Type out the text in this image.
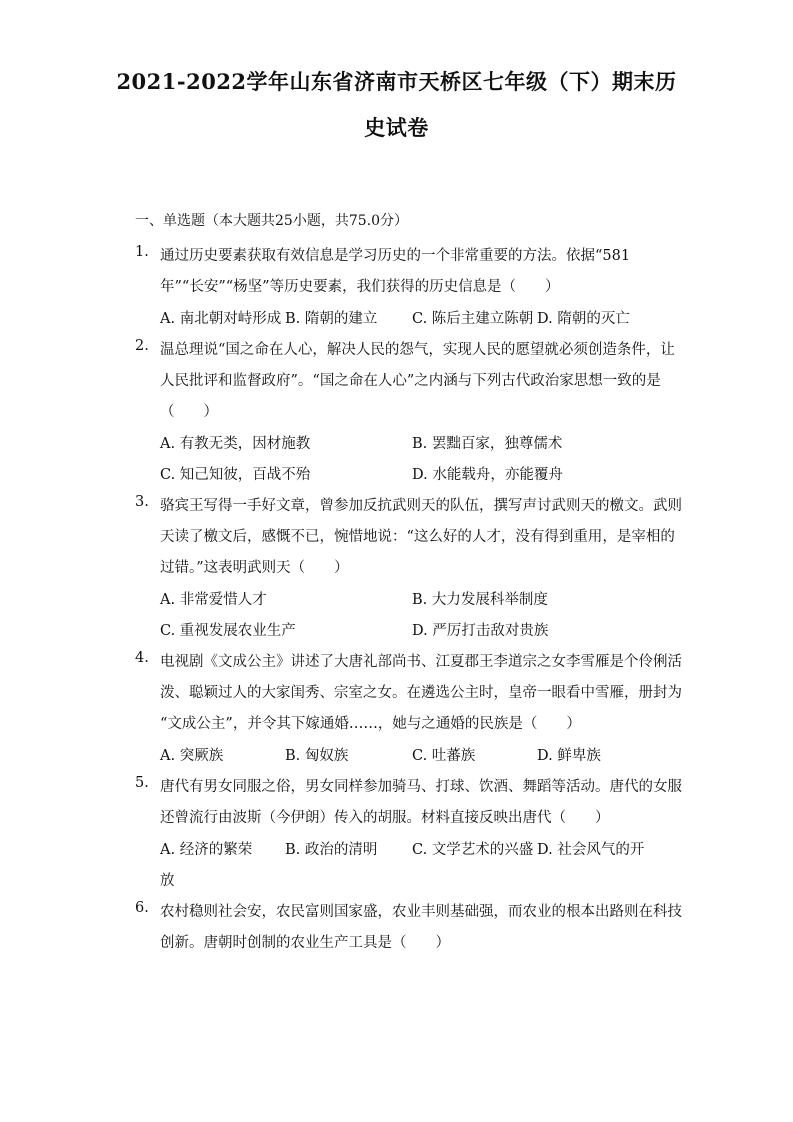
2021-2022学年山东省济南市天桥区七年级（下）期末历
史试卷
一、单选题（本大题共25小题，共75.0分）
1. 通过历史要素获取有效信息是学习历史的一个非常重要的方法。依据“581
年”“长安”“杨坚”等历史要素，我们获得的历史信息是（　　）
A. 南北朝对峙形成 B. 隋朝的建立 C. 陈后主建立陈朝 D. 隋朝的灭亡
2. 温总理说“国之命在人心，解决人民的怨气，实现人民的愿望就必须创造条件，让
人民批评和监督政府”。“国之命在人心”之内涵与下列古代政治家思想一致的是
（　　）
A. 有教无类，因材施教	B. 罢黜百家，独尊儒术
C. 知己知彼，百战不殆	D. 水能载舟，亦能覆舟
3. 骆宾王写得一手好文章，曾参加反抗武则天的队伍，撰写声讨武则天的檄文。武则
天读了檄文后，感慨不已，惋惜地说：“这么好的人才，没有得到重用，是宰相的
过错。”这表明武则天（　　）
A. 非常爱惜人才	B. 大力发展科举制度
C. 重视发展农业生产	D. 严厉打击敌对贵族
4. 电视剧《文成公主》讲述了大唐礼部尚书、江夏郡王李道宗之女李雪雁是个伶俐活
泼、聪颖过人的大家闺秀、宗室之女。在遴选公主时，皇帝一眼看中雪雁，册封为
“文成公主”，并令其下嫁通婚……，她与之通婚的民族是（　　）
A. 突厥族	B. 匈奴族	C. 吐蕃族	D. 鲜卑族
5. 唐代有男女同服之俗，男女同样参加骑马、打球、饮酒、舞蹈等活动。唐代的女服
还曾流行由波斯（今伊朗）传入的胡服。材料直接反映出唐代（　　）
A. 经济的繁荣 B. 政治的清明 C. 文学艺术的兴盛 D. 社会风气的开
放
6. 农村稳则社会安，农民富则国家盛，农业丰则基础强，而农业的根本出路则在科技
创新。唐朝时创制的农业生产工具是（　　）
